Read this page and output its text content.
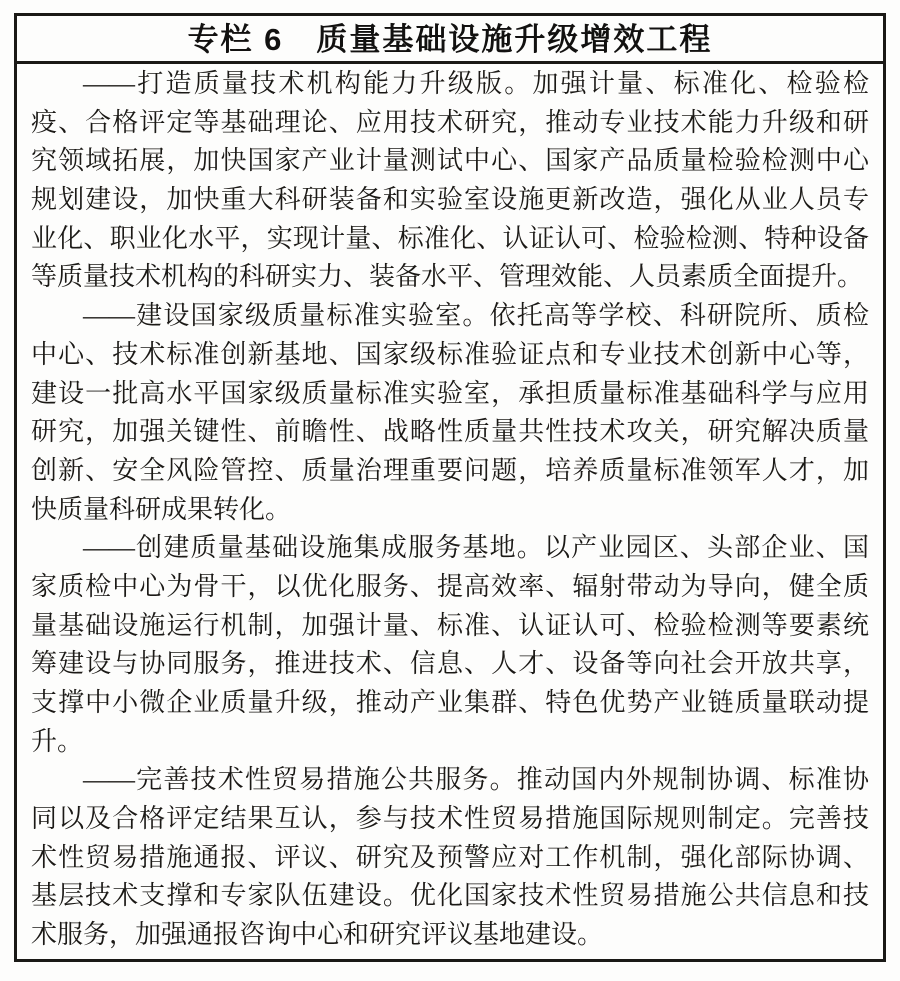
专栏 6　质量基础设施升级增效工程
——打造质量技术机构能力升级版。加强计量、标准化、检验检
疫、合格评定等基础理论、应用技术研究，推动专业技术能力升级和研
究领域拓展，加快国家产业计量测试中心、国家产品质量检验检测中心
规划建设，加快重大科研装备和实验室设施更新改造，强化从业人员专
业化、职业化水平，实现计量、标准化、认证认可、检验检测、特种设备
等质量技术机构的科研实力、装备水平、管理效能、人员素质全面提升。
——建设国家级质量标准实验室。依托高等学校、科研院所、质检
中心、技术标准创新基地、国家级标准验证点和专业技术创新中心等，
建设一批高水平国家级质量标准实验室，承担质量标准基础科学与应用
研究，加强关键性、前瞻性、战略性质量共性技术攻关，研究解决质量
创新、安全风险管控、质量治理重要问题，培养质量标准领军人才，加
快质量科研成果转化。
——创建质量基础设施集成服务基地。以产业园区、头部企业、国
家质检中心为骨干，以优化服务、提高效率、辐射带动为导向，健全质
量基础设施运行机制，加强计量、标准、认证认可、检验检测等要素统
筹建设与协同服务，推进技术、信息、人才、设备等向社会开放共享，
支撑中小微企业质量升级，推动产业集群、特色优势产业链质量联动提
升。
——完善技术性贸易措施公共服务。推动国内外规制协调、标准协
同以及合格评定结果互认，参与技术性贸易措施国际规则制定。完善技
术性贸易措施通报、评议、研究及预警应对工作机制，强化部际协调、
基层技术支撑和专家队伍建设。优化国家技术性贸易措施公共信息和技
术服务，加强通报咨询中心和研究评议基地建设。
